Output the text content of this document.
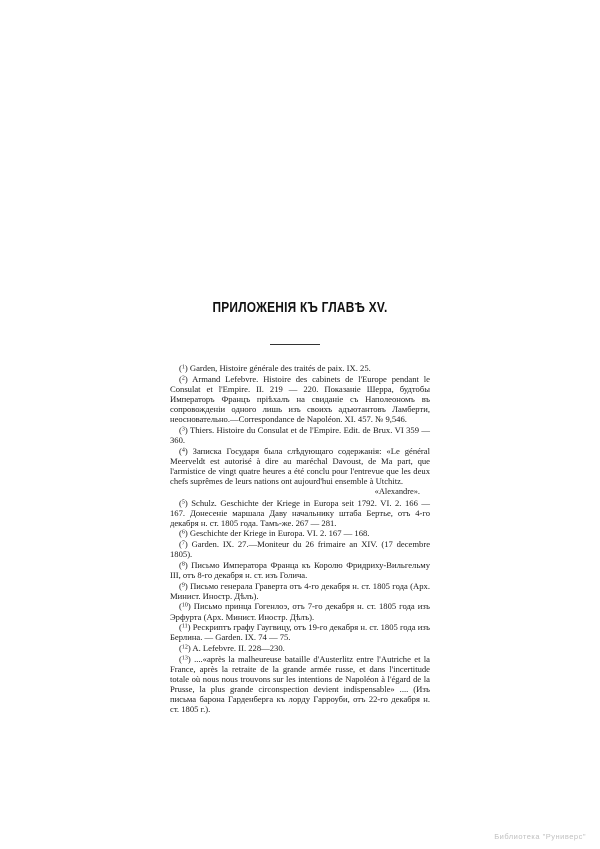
ПРИЛОЖЕНІЯ КЪ ГЛАВѢ XV.

($^1$) Garden, Histoire générale des traités de paix. IX. 25.

($^2$) Armand Lefebvre. Histoire des cabinets de l'Europe pendant le Consulat et l'Empire. II. 219 — 220. Показаніе Шерра, будтобы Императоръ Францъ пріѣхалъ на свиданіе съ Наполеономъ въ сопровожденіи одного лишь изъ своихъ адъютантовъ Ламберти, неосновательно.—Correspondance de Napoléon. XI. 457. № 9,546.

($^3$) Thiers. Histoire du Consulat et de l'Empire. Edit. de Brux. VI 359 — 360.

($^4$) Записка Государя была слѣдующаго содержанія: «Le général Meerveldt est autorisé à dire au maréchal Davoust, de Ma part, que l'armistice de vingt quatre heures a été conclu pour l'entrevue que les deux chefs suprêmes de leurs nations ont aujourd'hui ensemble à Utchitz.

«Alexandre».

($^5$) Schulz. Geschichte der Kriege in Europa seit 1792. VI. 2. 166 — 167. Донесеніе маршала Даву начальнику штаба Бертье, отъ 4-го декабря н. ст. 1805 года. Тамъ-же. 267 — 281.

($^6$) Geschichte der Kriege in Europa. VI. 2. 167 — 168.

($^7$) Garden. IX. 27.—Moniteur du 26 frimaire an XIV. (17 decembre 1805).

($^8$) Письмо Императора Франца къ Королю Фридриху-Вильгельму III, отъ 8-го декабря н. ст. изъ Голича.

($^9$) Письмо генерала Граверта отъ 4-го декабря н. ст. 1805 года (Арх. Минист. Иностр. Дѣлъ).

($^{10}$) Письмо принца Гогенлоэ, отъ 7-го декабря н. ст. 1805 года изъ Эрфурта (Арх. Минист. Иностр. Дѣлъ).

($^{11}$) Рескриптъ графу Гаугвицу, отъ 19-го декабря н. ст. 1805 года изъ Берлина. — Garden. IX. 74 — 75.

($^{12}$) A. Lefebvre. II. 228—230.

($^{13}$) ....«après la malheureuse bataille d'Austerlitz entre l'Autriche et la France, après la retraite de la grande armée russe, et dans l'incertitude totale où nous nous trouvons sur les intentions de Napoléon à l'égard de la Prusse, la plus grande circonspection devient indispensable» .... (Изъ письма барона Гарденберга къ лорду Гарроуби, отъ 22-го декабря н. ст. 1805 г.).

Библиотека "Руниверс"
